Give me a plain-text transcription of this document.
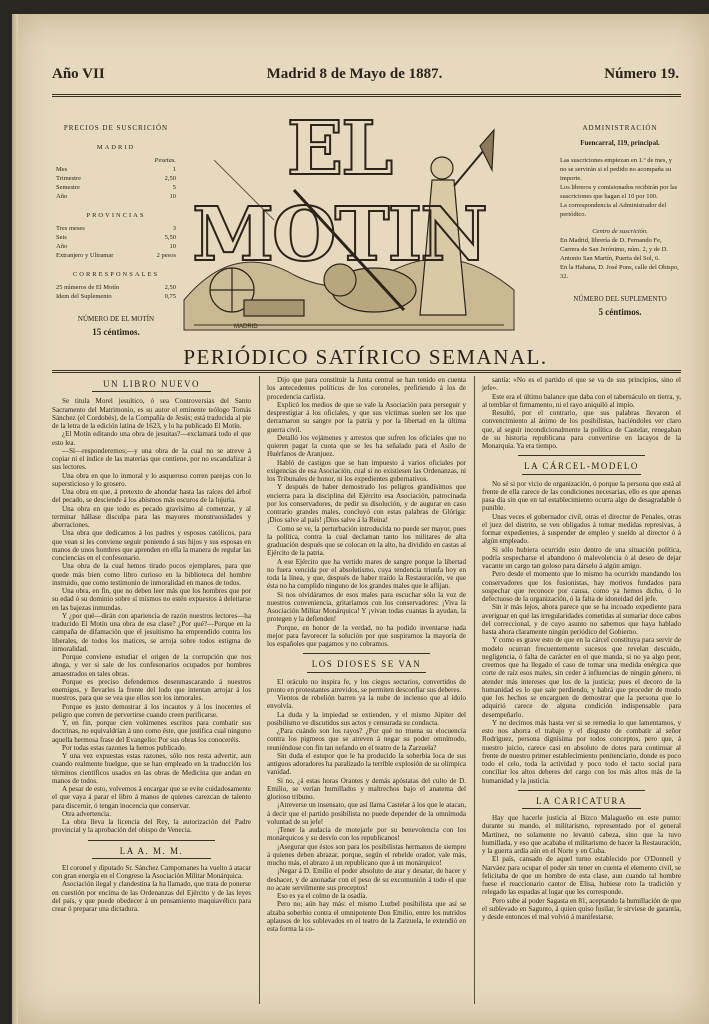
Año VII	Madrid 8 de Mayo de 1887.	Número 19.
PRECIOS DE SUSCRICIÓN
MADRID
Pesetas.
Mes	1
Trimestre	2,50
Semestre	5
Año	10
PROVINCIAS
Tres meses	3
Seis	5,50
Año	10
Extranjero y Ultramar	2 pesos
CORRESPONSALES
25 números de El Motín	2,50
Idem del Suplemento	0,75
NÚMERO DE EL MOTÍN
15 céntimos.
EL MOTIN
MADRID
ADMINISTRACIÓN
Fuencarral, 119, principal.
Las suscriciones empiezan en 1.º de mes, y no se servirán si el pedido no acompaña su importe.
Los libreros y comisionados recibirán por las suscriciones que hagan el 10 por 100.
La correspondencia al Administrador del periódico.
Centro de suscrición.
En Madrid, librería de D. Fernando Fe, Carrera de San Jerónimo, núm. 2, y de D. Antonio San Martín, Puerta del Sol, 6.
En la Habana, D. José Pons, calle del Obispo, 32.
NÚMERO DEL SUPLEMENTO
5 céntimos.
PERIÓDICO SATÍRICO SEMANAL.
UN LIBRO NUEVO

Se titula Morel jesuítico, ó sea Controversias del Santo Sacramento del Matrimonio, es su autor el eminente teólogo Tomás Sánchez (el Cordobés), de la Compañía de Jesús; está traducida al pie de la letra de la edición latina de 1623, y lo ha publicado El Motín.

¿El Motín editando una obra de jesuitas?—exclamará todo el que esto lea.

—Sí—responderemos;—y una obra de la cual no se atreve á copiar ni el índice de las materias que contiene, por no escandalizar á sus lectores.

Una obra en que lo inmoral y lo asqueroso corren parejas con lo supersticioso y lo grosero.

Una obra en que, á pretexto de ahondar hasta las raíces del árbol del pecado, se desciende á los abismos más oscuros de la lujuria.

Una obra en que todo es pecado gravísimo al comenzar, y al terminar hállase disculpa para las mayores monstruosidades y aberraciones.

Una obra que dedicamos á los padres y esposos católicos, para que vean si les conviene seguir poniendo á sus hijos y sus esposas en manos de unos hombres que aprenden en ella la manera de regular las conciencias en el confesonario.

Una obra de la cual hemos tirado pocos ejemplares, para que quede más bien como libro curioso en la biblioteca del hombre instruido, que como testimonio de inmoralidad en manos de todos.

Una obra, en fin, que no deben leer más que los hombres que por su edad ó su dominio sobre sí mismos no estén expuestos á deleitarse en las bajezas inmundas.

Y ¿por qué—dirán con apariencia de razón nuestros lectores—ha traducido El Motín una obra de esa clase? ¿Por qué?—Porque en la campaña de difamación que el jesuitismo ha emprendido contra los liberales, de todos los matices, se arroja sobre todos estigma de inmoralidad.

Porque conviene estudiar el origen de la corrupción que nos ahoga, y ver si sale de los confesonarios ocupados por hombres amaestrados en tales obras.

Porque es preciso defendernos desenmascarando á nuestros enemigos, y llevarles la frente del lodo que intentan arrojar á los nuestros, para que se vea que ellos son los inmorales.

Porque es justo demostrar á los incautos y á los inocentes el peligro que corren de pervertirse cuando creen purificarse.

Y, en fin, porque cien volúmenes escritos para combatir sus doctrinas, no equivaldrían á uno como éste, que justifica cual ninguno aquella hermosa frase del Evangelio: Por sus obras los conoceréis.

Por todas estas razones la hemos publicado.

Y una vez expuestas estas razones, sólo nos resta advertir, aun cuando realmente huelgue, que se han empleado en la traducción los términos científicos usados en las obras de Medicina que andan en manos de todos.

A pesar de esto, volvemos á encargar que se evite cuidadosamente el que vaya á parar el libro á manos de quienes carezcan de talento para discernir, ó tengan inocencia que conservar.

Otra advertencia.

La obra lleva la licencia del Rey, la autorización del Padre provincial y la aprobación del obispo de Venecia.

LA A. M. M.

El coronel y diputado Sr. Sánchez Campomanes ha vuelto á atacar con gran energía en el Congreso la Asociación Militar Monárquica.

Asociación ilegal y clandestina la ha llamado, que trata de ponerse en cuestión por encima de las Ordenanzas del Ejército y de las leyes del país, y que puede obedecer á un pensamiento maquiavélico para crear ó preparar una dictadura.

Dijo que para constituir la Junta central se han tenido en cuenta los antecedentes políticos de los coroneles, prefiriendo á los de procedencia carlista.

Explicó los medios de que se vale la Asociación para perseguir y desprestigiar á los oficiales, y que sus víctimas suelen ser los que derramaron su sangre por la patria y por la libertad en la última guerra civil.

Detalló los vejámenes y arrestos que sufren los oficiales que no quieren pagar la cuota que se les ha señalado para el Asilo de Huérfanos de Aranjuez.

Habló de castigos que se han impuesto á varios oficiales por exigencias de esa Asociación, cual si no existiesen las Ordenanzas, ni los Tribunales de honor, ni los expedientes gubernativos.

Y después de haber demostrado los peligros grandísimos que encierra para la disciplina del Ejército esa Asociación, patrocinada por los conservadores, de pedir su disolución, y de augurar en caso contrario grandes males, concluyó con estas palabras de Glóriga: ¡Dios salve al país! ¡Dios salve á la Reina!

Como se ve, la perturbación introducida no puede ser mayor, pues la política, contra la cual declaman tanto los militares de alta graduación después que se colocan en la alto, ha dividido en castas al Ejército de la patria.

A ese Ejército que ha vertido mares de sangre porque la libertad no fuera vencida por el absolutismo, cuya tendencia triunfa hoy en toda la línea, y que, después de haber traído la Restauración, ve que ésta no ha cumplido ninguno de los grandes males que le aflijan.

Si nos olvidáramos de esos males para escuchar sólo la voz de nuestros conveniencia, gritaríamos con los conservadores: ¡Viva la Asociación Militar Monárquica! Y ¡vivan todas cuantas la ayudan, la protegen y la defienden!

Porque, en honor de la verdad, no ha podido inventarse nada mejor para favorecer la solución por que suspiramos la mayoría de los españoles que pagamos y no cobramos.

LOS DIOSES SE VAN

El oráculo no inspira fe, y los ciegos sectarios, convertidos de pronto en protestantes atrevidos, se permiten desconfiar sus deberes.

Vientos de rebelión barren ya la nube de incienso que al ídolo envolvía.

La duda y la impiedad se extienden, y el mismo Júpiter del posibilismo ve discutidos sus actos y censurada su conducta.

¿Para cuándo son los rayos? ¿Por qué no truena su elocuencia contra los pigmeos que se atreven á negar su poder omnímodo, reuniéndose con fin tan nefando en el teatro de la Zarzuela?

Sin duda el estupor que le ha producido la soberbia loca de sus antiguos adoradores ha paralizado la terrible explosión de su olímpica vanidad.

Si no, ¿á estas horas Orantes y demás apóstatas del culto de D. Emilio, se verían humillados y maltrechos bajo el anatema del glorioso tribuno.

¡Atreverse un insensato, que así llama Castelar á los que le atacan, á decir que el partido posibilista no puede depender de la omnímoda voluntad de su jefe!

¡Tener la audacia de motejarle por su benevolencia con los monárquicos y su desvío con los republicanos!

¡Asegurar que éstos son para los posibilistas hermanos de siempre á quienes deben abrazar, porque, según el rebelde orador, vale más, mucho más, el abrazo á un republicano que á un monárquico!

¡Negar á D. Emilio el poder absoluto de atar y desatar, de hacer y deshacer, y de anonadar con el peso de su excomunión á todo el que no acate servilmente sus preceptos!

Eso es ya el colmo de la osadía.

Pero no; aún hay más: el mismo Luzbel posibilista que así se alzaba soberbio contra el omnipotente Don Emilio, entre los nutridos aplausos de los sublevados en el teatro de la Zarzuela, le extendió en esta forma la co-

santía: «No es el partido el que se va de sus principios, sino el jefe».

Este era el último balance que daba con el tabernáculo en tierra, y, al temblar el firmamento, ni el rayo aniquiló al impío.

Resultó, por el contrario, que sus palabras llevaron el convencimiento al ánimo de los posibilistas, haciéndoles ver claro que, al seguir incondicionalmente la política de Castelar, renegaban de su historia republicana para convertirse en lacayos de la Monarquía. Ya era tiempo.

LA CÁRCEL-MODELO

No sé si por vicio de organización, ó porque la persona que está al frente de ella carece de las condiciones necesarias, ello es que apenas pasa día sin que en tal establecimiento ocurra algo de desagradable ó punible.

Unas veces el gobernador civil, otras el director de Penales, otras el juez del distrito, se ven obligados á tomar medidas represivas, á formar expedientes, á suspender de empleo y sueldo al director ó á algún empleado.

Si sólo hubiera ocurrido esto dentro de una situación política, podría sospecharse el abandono ó malevolencia ó al deseo de dejar vacante un cargo tan goloso para dárselo á algún amigo.

Pero desde el momento que lo mismo ha ocurrido mandando los conservadores que los fusionistas, hay motivos fundados para sospechar que reconoce por causa, como ya hemos dicho, ó lo defectuoso de la organización, ó la falta de idoneidad del jefe.

Sin ir más lejos, ahora parece que se ha incoado expediente para averiguar en qué las irregularidades cometidas al sumariar doce cabos del correccional, y de cuyo asunto no sabemos que haya hablado hasta ahora claramente ningún periódico del Gobierno.

Y como es grave esto de que en la cárcel constituya para servir de modelo ocurran frecuentemente sucesos que revelan descuido, negligencia, ó falta de carácter en el que manda, si no ya algo peor, creemos que ha llegado el caso de tomar una medida enérgica que corte de raíz esos males, sin ceder á influencias de ningún género, ni atender más intereses que los de la justicia; pues el decoro de la humanidad es lo que sale perdiendo, y habrá que proceder de modo que los hechos se encarguen de demostrar que la persona que lo adquirió carece de alguna condición indispensable para desempeñarlo.

Y no decimos más hasta ver si se remedia lo que lamentamos, y esto nos ahorra el trabajo y el disgusto de combatir al señor Rodríguez, persona dignísima por todos conceptos, pero que, á nuestro juicio, carece casi en absoluto de dotes para continuar al frente de nuestro primer establecimiento penitenciario, donde es poco todo el celo, toda la actividad y poco todo el tacto social para conciliar los altos deberes del cargo con los más altos más de la humanidad y la justicia.

LA CARICATURA

Hay que hacerle justicia al Bizco Malagueño en este punto: durante su mando, el militarismo, representado por el general Martínez, no solamente no levantó cabeza, sino que la tuvo humillada, y eso que acababa el militarismo de hacer la Restauración, y la guerra ardía aún en el Norte y en Cuba.

El país, cansado de aquel turno establecido por O'Donnell y Narváez para ocupar el poder sin tener en cuenta el elemento civil, se felicitaba de que un hombre de esta clase, aun cuando tal hombre fuese el reaccionario cantor de Elisa, hubiese roto la tradición y relegado las espadas al lugar que les corresponde.

Pero sube al poder Sagasta en 81, aceptando la humillación de que el sublevado en Sagunto, á quien quiso fusilar, le sirviese de garantía, y desde entonces el mal volvió á manifestarse.
